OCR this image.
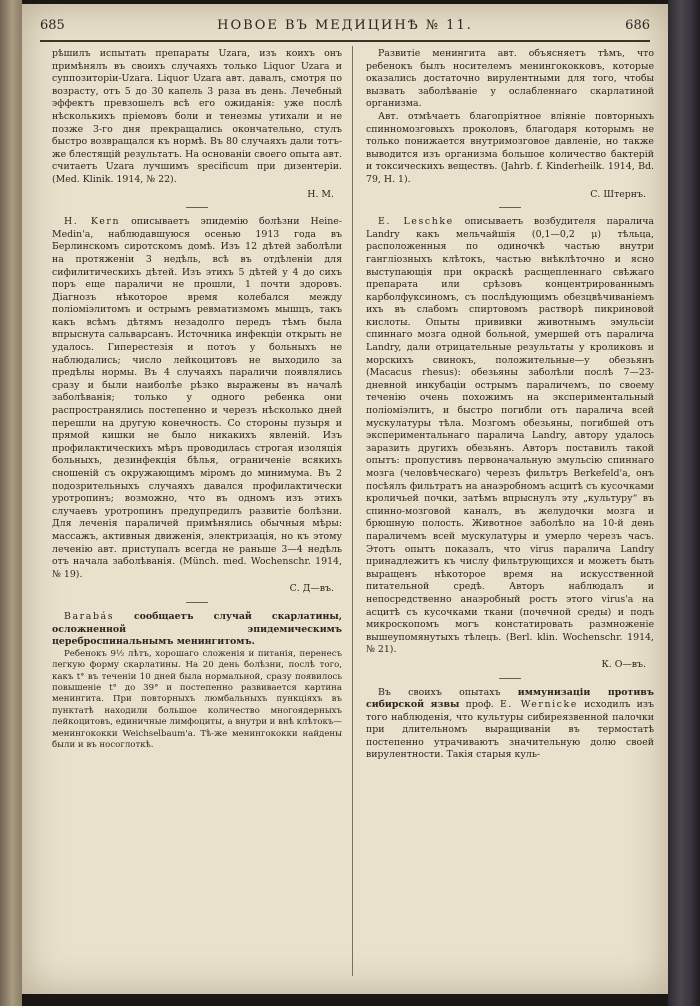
685	НОВОЕ ВЪ МЕДИЦИНѢ № 11.	686

рѣшилъ испытать препараты Uzara, изъ коихъ онъ примѣнялъ въ своихъ случаяхъ только Liquor Uzara и суппозиторіи-Uzara. Liquor Uzara авт. давалъ, смотря по возрасту, отъ 5 до 30 капель 3 раза въ день. Лечебный эффектъ превзошелъ всѣ его ожиданія: уже послѣ нѣсколькихъ пріемовъ боли и тенезмы утихали и не позже 3-го дня прекращались окончательно, стулъ быстро возвращался къ нормѣ. Въ 80 случаяхъ дали тотъ-же блестящій результатъ. На основаніи своего опыта авт. считаетъ Uzara лучшимъ specificum при дизентеріи. (Med. Klinik. 1914, № 22).

Н. М.

H. Kern описываетъ эпидемію болѣзни Heine-Medin'a, наблюдавшуюся осенью 1913 года въ Берлинскомъ сиротскомъ домѣ. Изъ 12 дѣтей заболѣли на протяженіи 3 недѣль, всѣ въ отдѣленіи для сифилитическихъ дѣтей. Изъ этихъ 5 дѣтей у 4 до сихъ поръ еще параличи не прошли, 1 почти здоровъ. Діагнозъ нѣкоторое время колебался между поліоміэлитомъ и острымъ ревматизмомъ мышцъ, такъ какъ всѣмъ дѣтямъ незадолго передъ тѣмъ была впрыснута сальварсанъ. Источника инфекціи открыть не удалось. Гиперестезія и потоъ у больныхъ не наблюдались; число лейкоцитовъ не выходило за предѣлы нормы. Въ 4 случаяхъ параличи появлялись сразу и были наиболѣе рѣзко выражены въ началѣ заболѣванія; только у одного ребенка они распространялись постепенно и черезъ нѣсколько дней перешли на другую конечность. Со стороны пузыря и прямой кишки не было никакихъ явленій. Изъ профилактическихъ мѣръ проводилась строгая изоляція больныхъ, дезинфекція бѣлья, ограниченіе всякихъ сношеній съ окружающимъ міромъ до минимума. Въ 2 подозрительныхъ случаяхъ давался профилактически уротропинъ; возможно, что въ одномъ изъ этихъ случаевъ уротропинъ предупредилъ развитіе болѣзни. Для леченія параличей примѣнялись обычныя мѣры: массажъ, активныя движенія, электризація, но къ этому леченію авт. приступалъ всегда не раньше 3—4 недѣль отъ начала заболѣванія. (Münch. med. Wochenschr. 1914, № 19).

С. Д—въ.

Barabás сообщаетъ случай скарлатины, осложненной эпидемическимъ цереброспинальнымъ менингитомъ.

Ребенокъ 9½ лѣтъ, хорошаго сложенія и питанія, перенесъ легкую форму скарлатины. На 20 день болѣзни, послѣ того, какъ t° въ теченіи 10 дней была нормальной, сразу появилось повышеніе t° до 39° и постепенно развивается картина менингита. При повторныхъ люмбальныхъ пункціяхъ въ пунктатѣ находили большое количество многоядерныхъ лейкоцитовъ, единичные лимфоциты, а внутри и внѣ клѣтокъ—менингококки Weichselbaum'a. Тѣ-же менингококки найдены были и въ носоглоткѣ.

Развитіе менингита авт. объясняетъ тѣмъ, что ребенокъ былъ носителемъ менингококковъ, которые оказались достаточно вирулентными для того, чтобы вызвать заболѣваніе у ослабленнаго скарлатиной организма.

Авт. отмѣчаетъ благопріятное вліяніе повторныхъ спинномозговыхъ проколовъ, благодаря которымъ не только понижается внутримозговое давленіе, но также выводится изъ организма большое количество бактерій и токсическихъ веществъ. (Jahrb. f. Kinderheilk. 1914, Bd. 79, H. 1).

С. Штернъ.

E. Leschke описываетъ возбудителя паралича Landry какъ мельчайшія (0,1—0,2 μ) тѣльца, расположенныя по одиночкѣ частью внутри гангліозныхъ клѣтокъ, частью внѣклѣточно и ясно выступающія при окраскѣ расщепленнаго свѣжаго препарата или срѣзовъ концентрированнымъ карболфуксиномъ, съ послѣдующимъ обезцвѣчиваніемъ ихъ въ слабомъ спиртовомъ растворѣ пикриновой кислоты. Опыты прививки животнымъ эмульсіи спиннаго мозга одной больной, умершей отъ паралича Landry, дали отрицательные результаты у кроликовъ и морскихъ свинокъ, положительные—у обезьянъ (Macacus rhesus): обезьяны заболѣли послѣ 7—23-дневной инкубаціи острымъ параличемъ, по своему теченію очень похожимъ на экспериментальный поліоміэлитъ, и быстро погибли отъ паралича всей мускулатуры тѣла. Мозгомъ обезьяны, погибшей отъ экспериментальнаго паралича Landry, автору удалось заразить другихъ обезьянъ. Авторъ поставилъ такой опытъ: пропустивъ первоначальную эмульсію спиннаго мозга (человѣческаго) черезъ фильтръ Berkefeld'a, онъ посѣялъ фильтратъ на анаэробномъ асцитѣ съ кусочками кроличьей почки, затѣмъ впрыснулъ эту „культуру“ въ спинно-мозговой каналъ, въ желудочки мозга и брюшную полость. Животное заболѣло на 10-й день параличемъ всей мускулатуры и умерло черезъ часъ. Этотъ опытъ показалъ, что virus паралича Landry принадлежитъ къ числу фильтрующихся и можетъ быть выращенъ нѣкоторое время на искусственной питательной средѣ. Авторъ наблюдалъ и непосредственно анаэробный ростъ этого virus'a на асцитѣ съ кусочками ткани (почечной среды) и подъ микроскопомъ могъ констатировать размноженіе вышеупомянутыхъ тѣлецъ. (Berl. klin. Wochenschr. 1914, № 21).

К. О—въ.

Въ своихъ опытахъ иммунизаціи противъ сибирской язвы проф. E. Wernicke исходилъ изъ того наблюденія, что культуры сибиреязвенной палочки при длительномъ выращиваніи въ термостатѣ постепенно утрачиваютъ значительную долю своей вирулентности. Такія старыя куль-
